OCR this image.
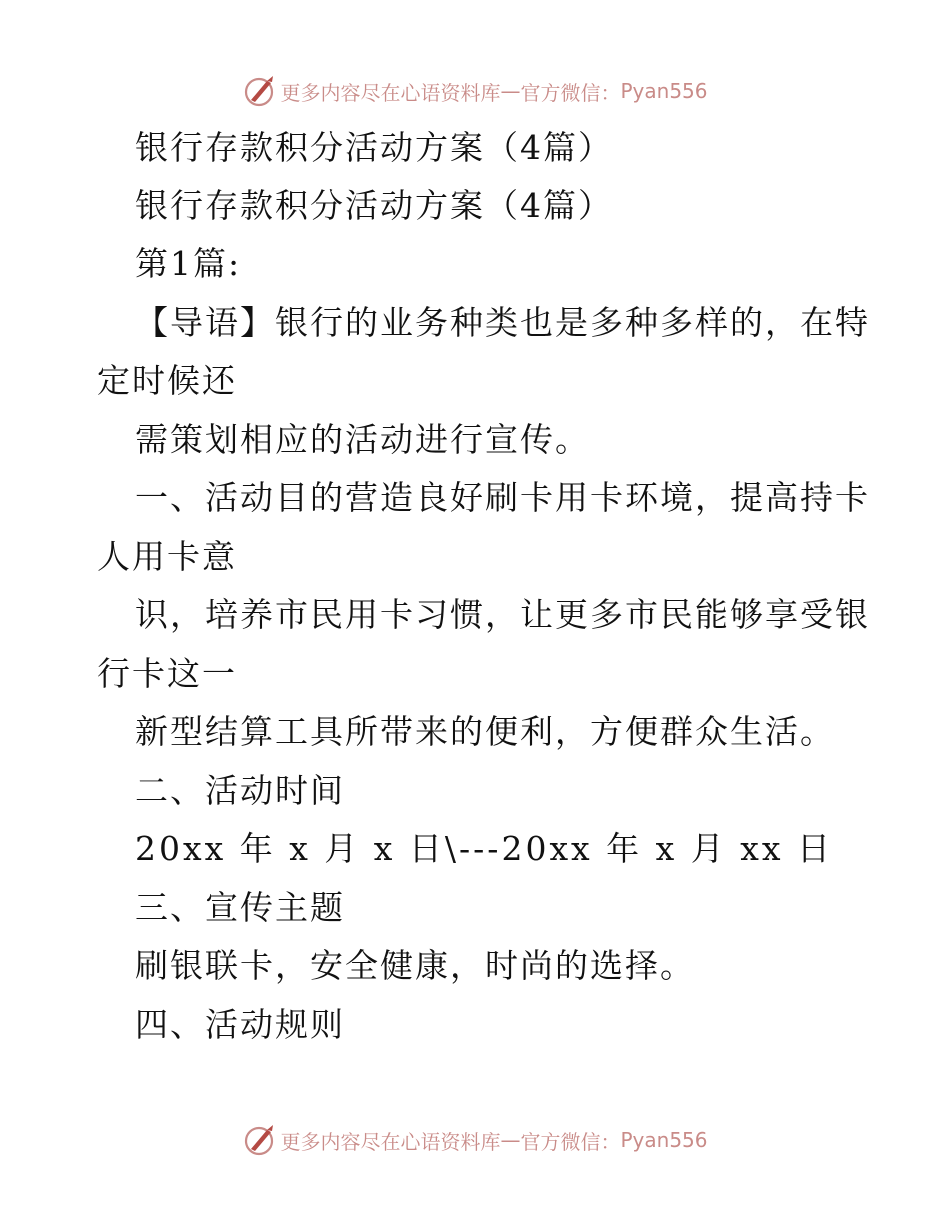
更多内容尽在心语资料库 — 官方微信： Pyan556
银行存款积分活动方案（4篇）
银行存款积分活动方案（4篇）
第1篇:
【导语】银行的业务种类也是多种多样的，在特
定时候还
需策划相应的活动进行宣传。
一、活动目的营造良好刷卡用卡环境，提高持卡
人用卡意
识，培养市民用卡习惯，让更多市民能够享受银
行卡这一
新型结算工具所带来的便利，方便群众生活。
二、活动时间
20xx 年 x 月 x 日\---20xx 年 x 月 xx 日
三、宣传主题
刷银联卡，安全健康，时尚的选择。
四、活动规则
更多内容尽在心语资料库 — 官方微信： Pyan556
